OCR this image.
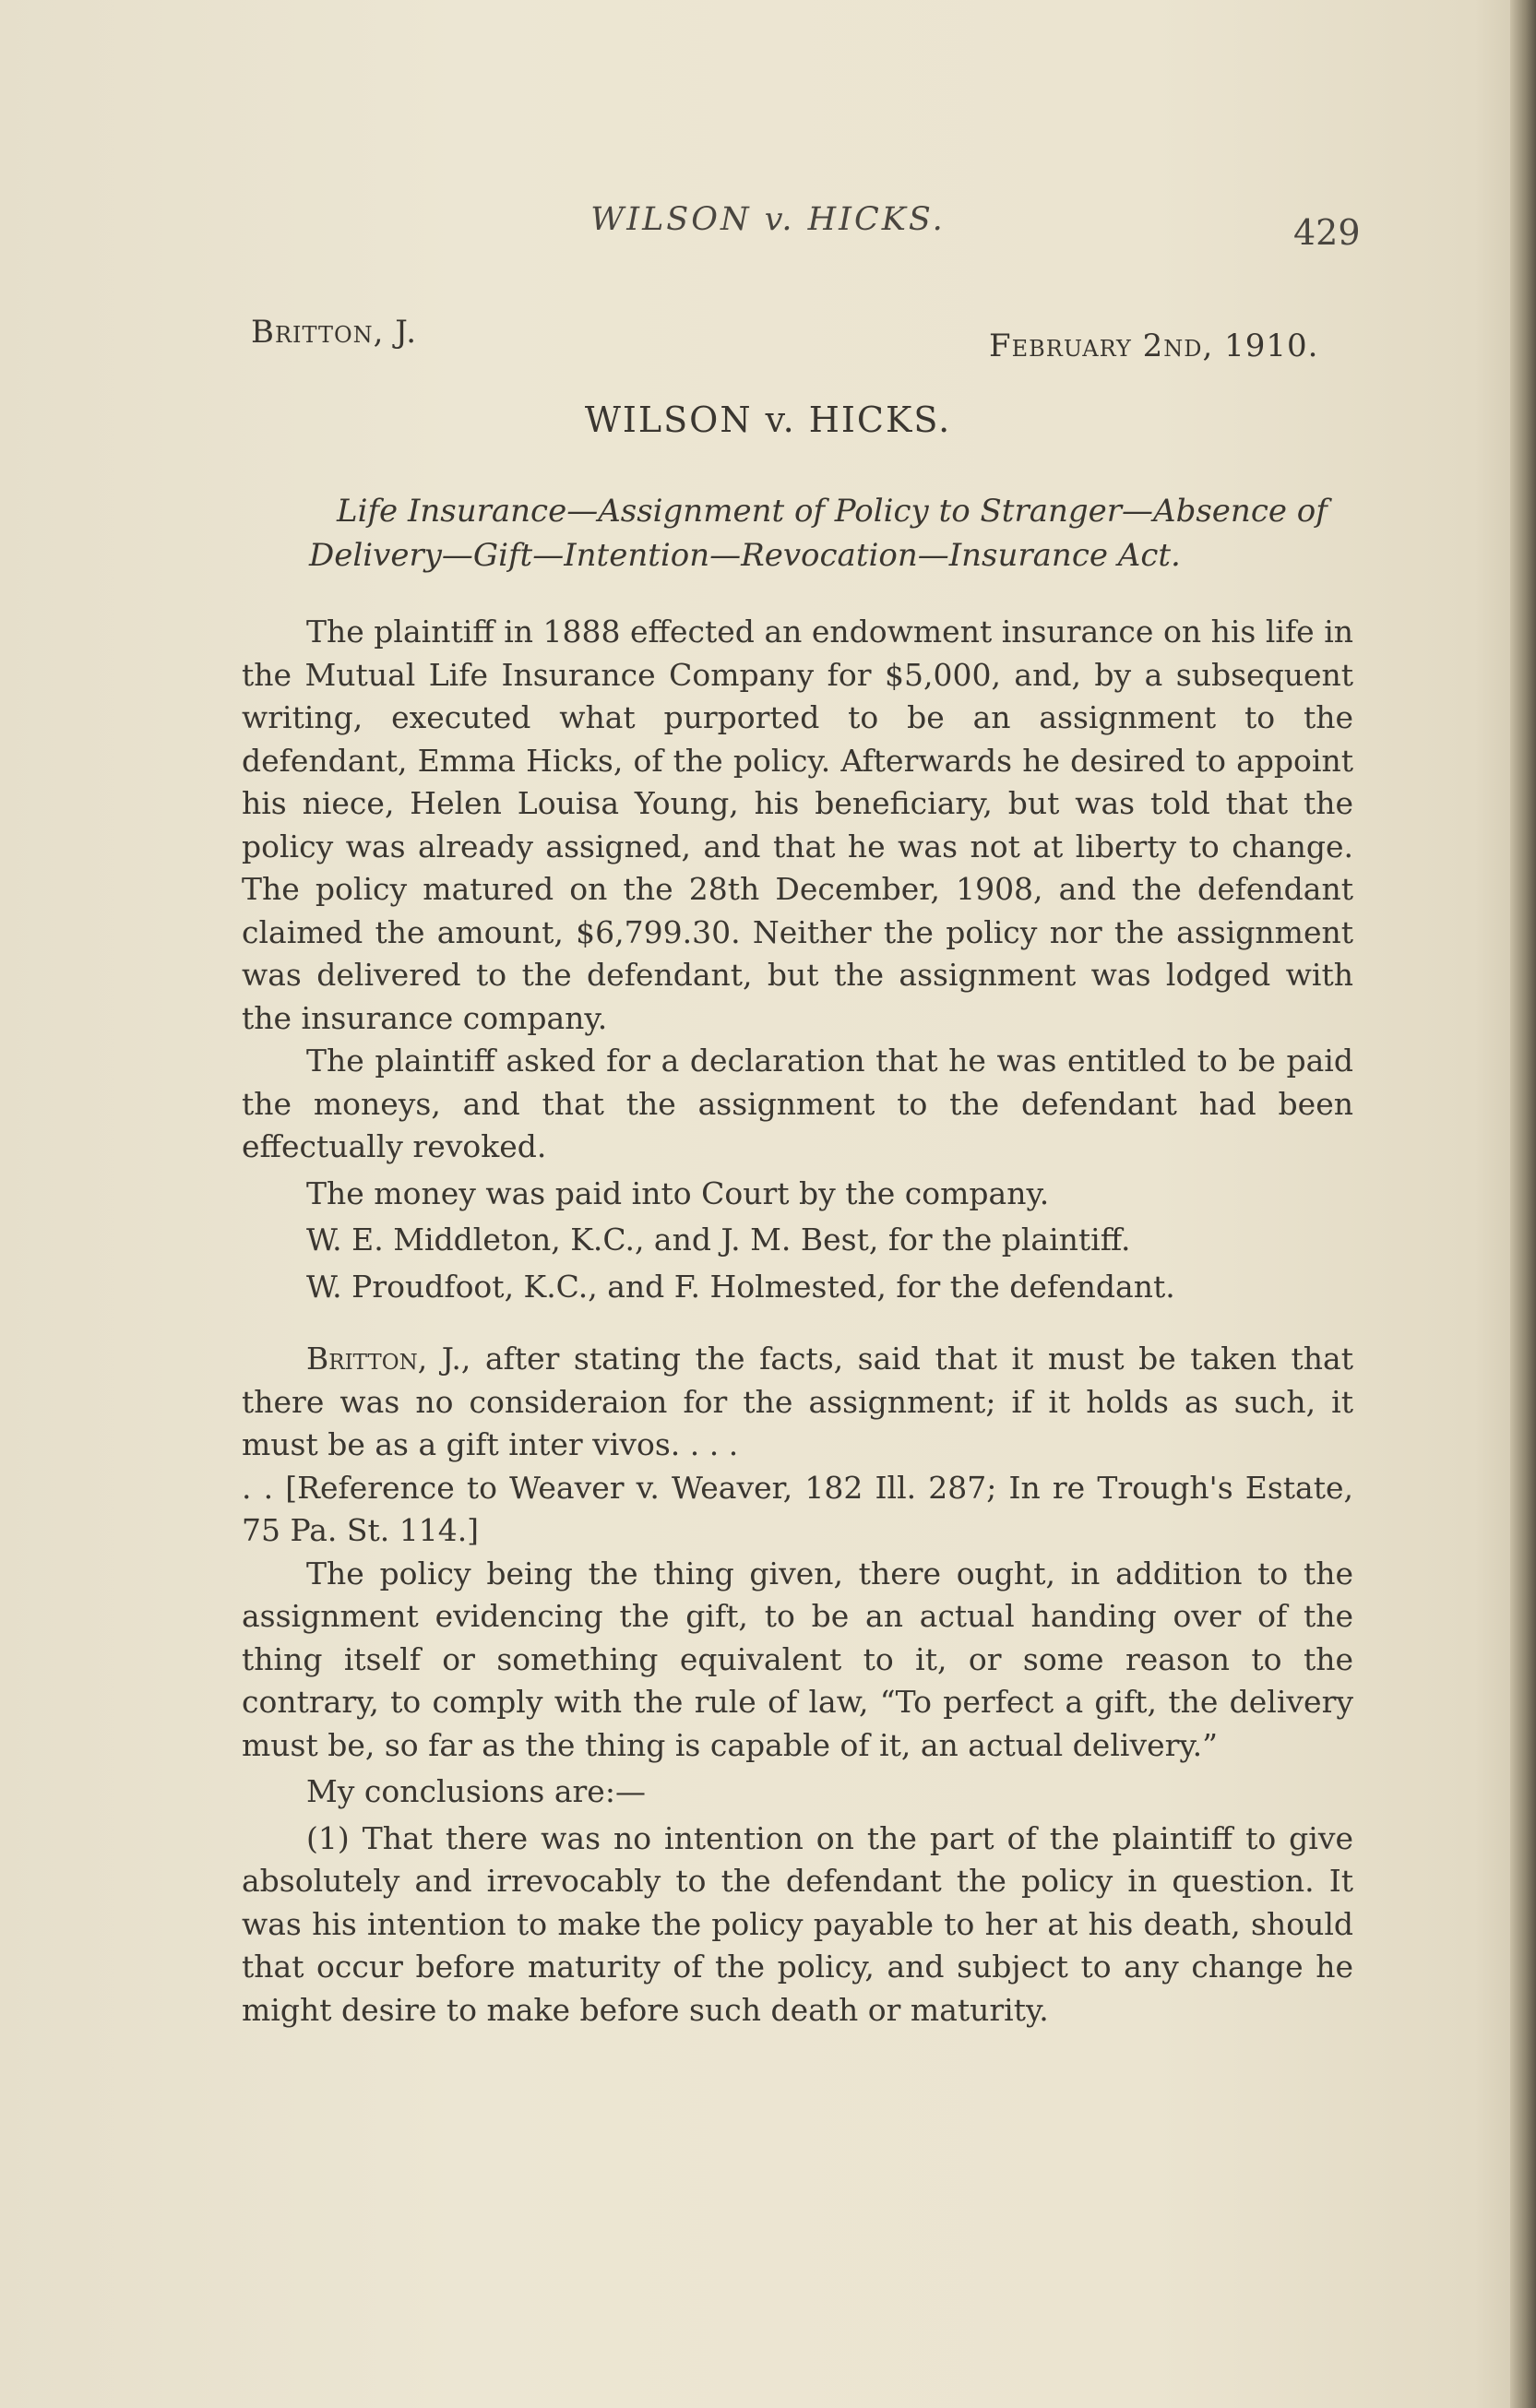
WILSON v. HICKS.	429
Britton, J.	February 2nd, 1910.
WILSON v. HICKS.
Life Insurance—Assignment of Policy to Stranger—Absence of
Delivery—Gift—Intention—Revocation—Insurance Act.

The plaintiff in 1888 effected an endowment insurance on his life in the Mutual Life Insurance Company for $5,000, and, by a subsequent writing, executed what purported to be an assignment to the defendant, Emma Hicks, of the policy. Afterwards he desired to appoint his niece, Helen Louisa Young, his beneficiary, but was told that the policy was already assigned, and that he was not at liberty to change. The policy matured on the 28th December, 1908, and the defendant claimed the amount, $6,799.30. Neither the policy nor the assignment was delivered to the defendant, but the assignment was lodged with the insurance company.

The plaintiff asked for a declaration that he was entitled to be paid the moneys, and that the assignment to the defendant had been effectually revoked.

The money was paid into Court by the company.

W. E. Middleton, K.C., and J. M. Best, for the plaintiff.

W. Proudfoot, K.C., and F. Holmested, for the defendant.

Britton, J., after stating the facts, said that it must be taken that there was no consideraion for the assignment; if it holds as such, it must be as a gift inter vivos. . . .

. . [Reference to Weaver v. Weaver, 182 Ill. 287; In re Trough's Estate, 75 Pa. St. 114.]

The policy being the thing given, there ought, in addition to the assignment evidencing the gift, to be an actual handing over of the thing itself or something equivalent to it, or some reason to the contrary, to comply with the rule of law, “To perfect a gift, the delivery must be, so far as the thing is capable of it, an actual delivery.”

My conclusions are:—

(1) That there was no intention on the part of the plaintiff to give absolutely and irrevocably to the defendant the policy in question. It was his intention to make the policy payable to her at his death, should that occur before maturity of the policy, and subject to any change he might desire to make before such death or maturity.
